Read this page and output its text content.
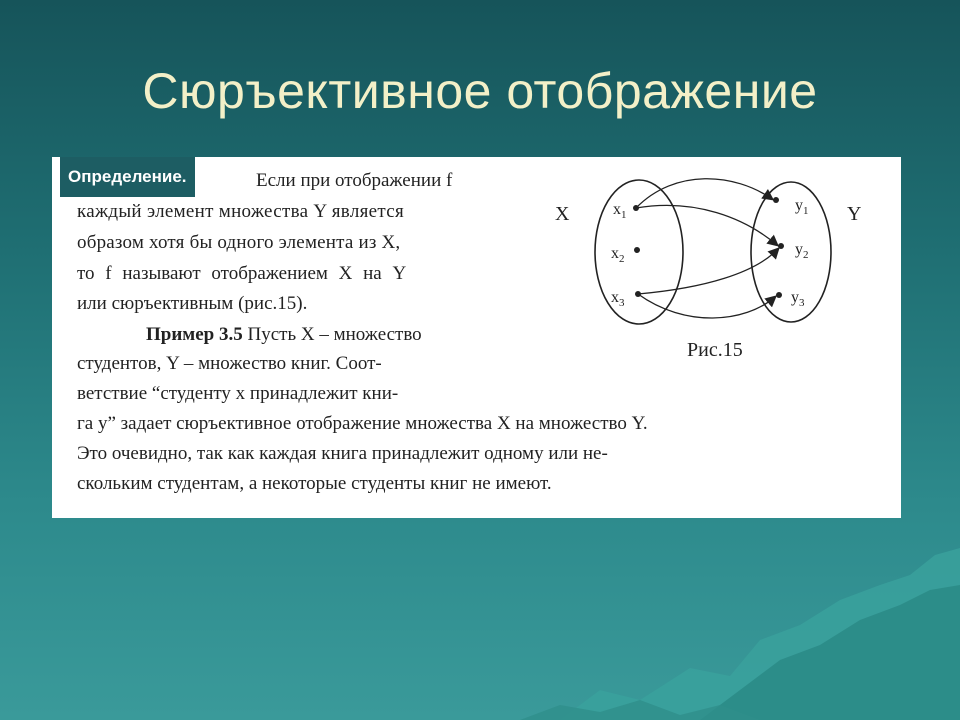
Сюръективное отображение
Определение.	Если при отображении f
каждый элемент множества Y является
образом хотя бы одного элемента из X,
то f называют отображением X на Y
или сюръективным (рис.15).
Пример 3.5 Пусть X – множество
студентов, Y – множество книг. Соот-
ветствие “студенту x принадлежит кни-
га y” задает сюръективное отображение множества X на множество Y.
Это очевидно, так как каждая книга принадлежит одному или не-
скольким студентам, а некоторые студенты книг не имеют.
X	Y
$x_1$
$x_2$
$x_3$
$y_1$
$y_2$
$y_3$
Рис.15
